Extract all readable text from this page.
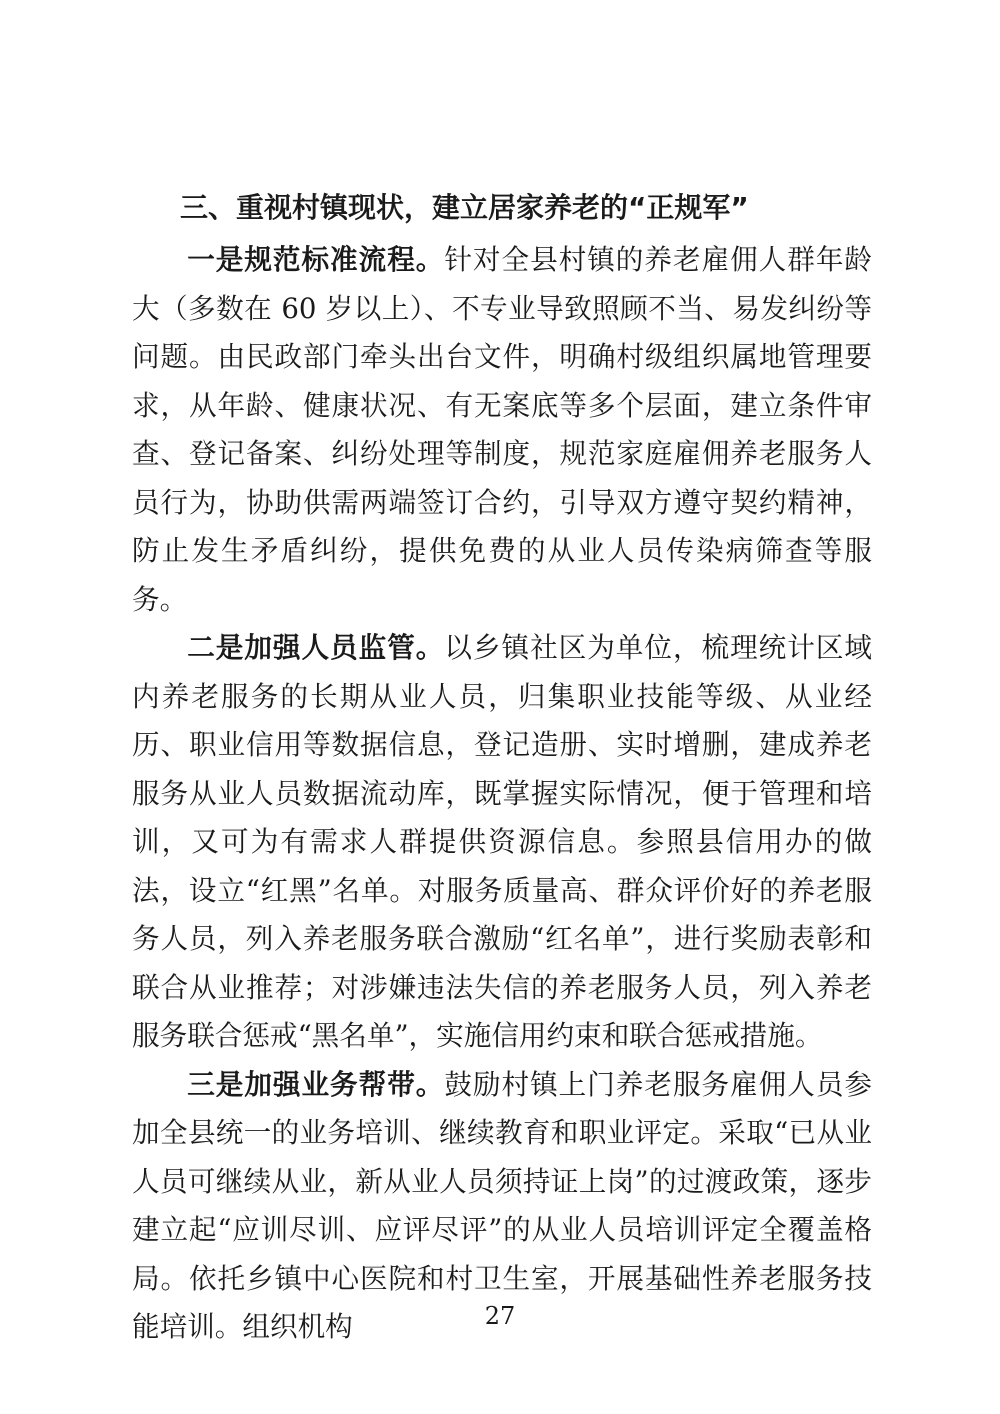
三、重视村镇现状，建立居家养老的“正规军”

一是规范标准流程。针对全县村镇的养老雇佣人群年龄大（多数在 60 岁以上）、不专业导致照顾不当、易发纠纷等问题。由民政部门牵头出台文件，明确村级组织属地管理要求，从年龄、健康状况、有无案底等多个层面，建立条件审查、登记备案、纠纷处理等制度，规范家庭雇佣养老服务人员行为，协助供需两端签订合约，引导双方遵守契约精神，防止发生矛盾纠纷，提供免费的从业人员传染病筛查等服务。

二是加强人员监管。以乡镇社区为单位，梳理统计区域内养老服务的长期从业人员，归集职业技能等级、从业经历、职业信用等数据信息，登记造册、实时增删，建成养老服务从业人员数据流动库，既掌握实际情况，便于管理和培训，又可为有需求人群提供资源信息。参照县信用办的做法，设立“红黑”名单。对服务质量高、群众评价好的养老服务人员，列入养老服务联合激励“红名单”，进行奖励表彰和联合从业推荐；对涉嫌违法失信的养老服务人员，列入养老服务联合惩戒“黑名单”，实施信用约束和联合惩戒措施。

三是加强业务帮带。鼓励村镇上门养老服务雇佣人员参加全县统一的业务培训、继续教育和职业评定。采取“已从业人员可继续从业，新从业人员须持证上岗”的过渡政策，逐步建立起“应训尽训、应评尽评”的从业人员培训评定全覆盖格局。依托乡镇中心医院和村卫生室，开展基础性养老服务技能培训。组织机构	27
